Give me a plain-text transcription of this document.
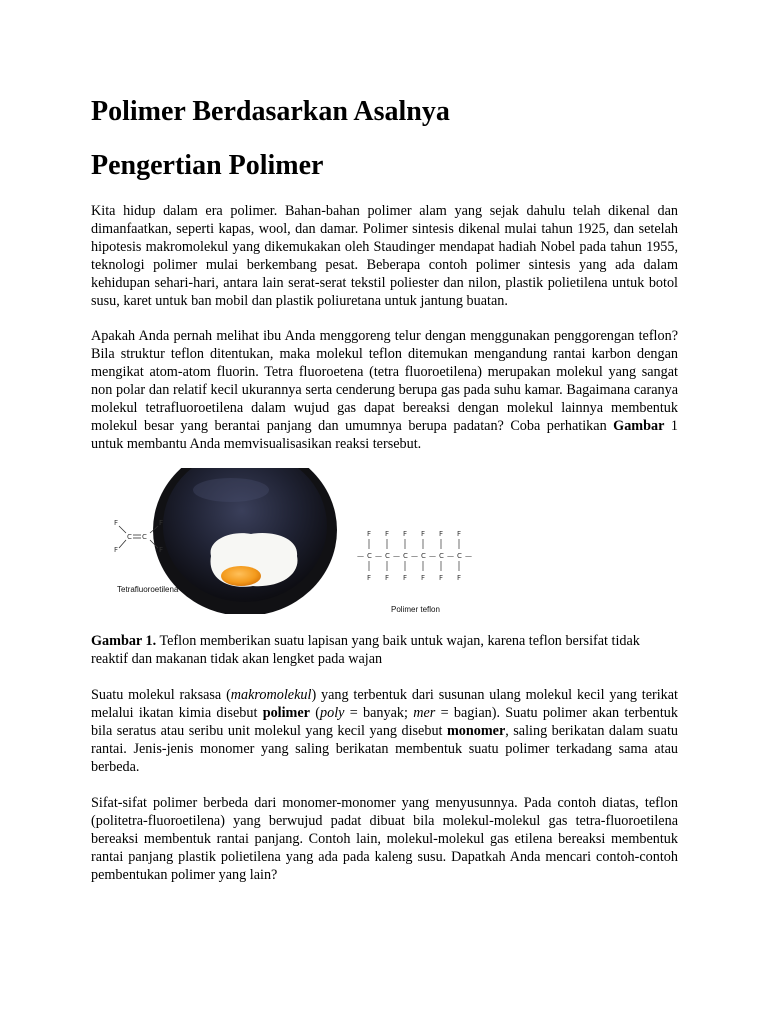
Polimer Berdasarkan Asalnya
Pengertian Polimer

Kita hidup dalam era polimer. Bahan-bahan polimer alam yang sejak dahulu telah dikenal dan dimanfaatkan, seperti kapas, wool, dan damar. Polimer sintesis dikenal mulai tahun 1925, dan setelah hipotesis makromolekul yang dikemukakan oleh Staudinger mendapat hadiah Nobel pada tahun 1955, teknologi polimer mulai berkembang pesat. Beberapa contoh polimer sintesis yang ada dalam kehidupan sehari-hari, antara lain serat-serat tekstil poliester dan nilon, plastik polietilena untuk botol susu, karet untuk ban mobil dan plastik poliuretana untuk jantung buatan.

Apakah Anda pernah melihat ibu Anda menggoreng telur dengan menggunakan penggorengan teflon? Bila struktur teflon ditentukan, maka molekul teflon ditemukan mengandung rantai karbon dengan mengikat atom-atom fluorin. Tetra fluoroetena (tetra fluoroetilena) merupakan molekul yang sangat non polar dan relatif kecil ukurannya serta cenderung berupa gas pada suhu kamar. Bagaimana caranya molekul tetrafluoroetilena dalam wujud gas dapat bereaksi dengan molekul lainnya membentuk molekul besar yang berantai panjang dan umumnya berupa padatan? Coba perhatikan Gambar 1 untuk membantu Anda memvisualisasikan reaksi tersebut.

Gambar 1. Teflon memberikan suatu lapisan yang baik untuk wajan, karena teflon bersifat tidak reaktif dan makanan tidak akan lengket pada wajan

Suatu molekul raksasa (makromolekul) yang terbentuk dari susunan ulang molekul kecil yang terikat melalui ikatan kimia disebut polimer (poly = banyak; mer = bagian). Suatu polimer akan terbentuk bila seratus atau seribu unit molekul yang kecil yang disebut monomer, saling berikatan dalam suatu rantai. Jenis-jenis monomer yang saling berikatan membentuk suatu polimer terkadang sama atau berbeda.

Sifat-sifat polimer berbeda dari monomer-monomer yang menyusunnya. Pada contoh diatas, teflon (politetra-fluoroetilena) yang berwujud padat dibuat bila molekul-molekul gas tetra-fluoroetilena bereaksi membentuk rantai panjang. Contoh lain, molekul-molekul gas etilena bereaksi membentuk rantai panjang plastik polietilena yang ada pada kaleng susu. Dapatkah Anda mencari contoh-contoh pembentukan polimer yang lain?

F
F
F
F
C C
Tetrafluoroetilena
— C — C — C — C — C — C —
F F F F F F
F F F F F F
Polimer teflon
